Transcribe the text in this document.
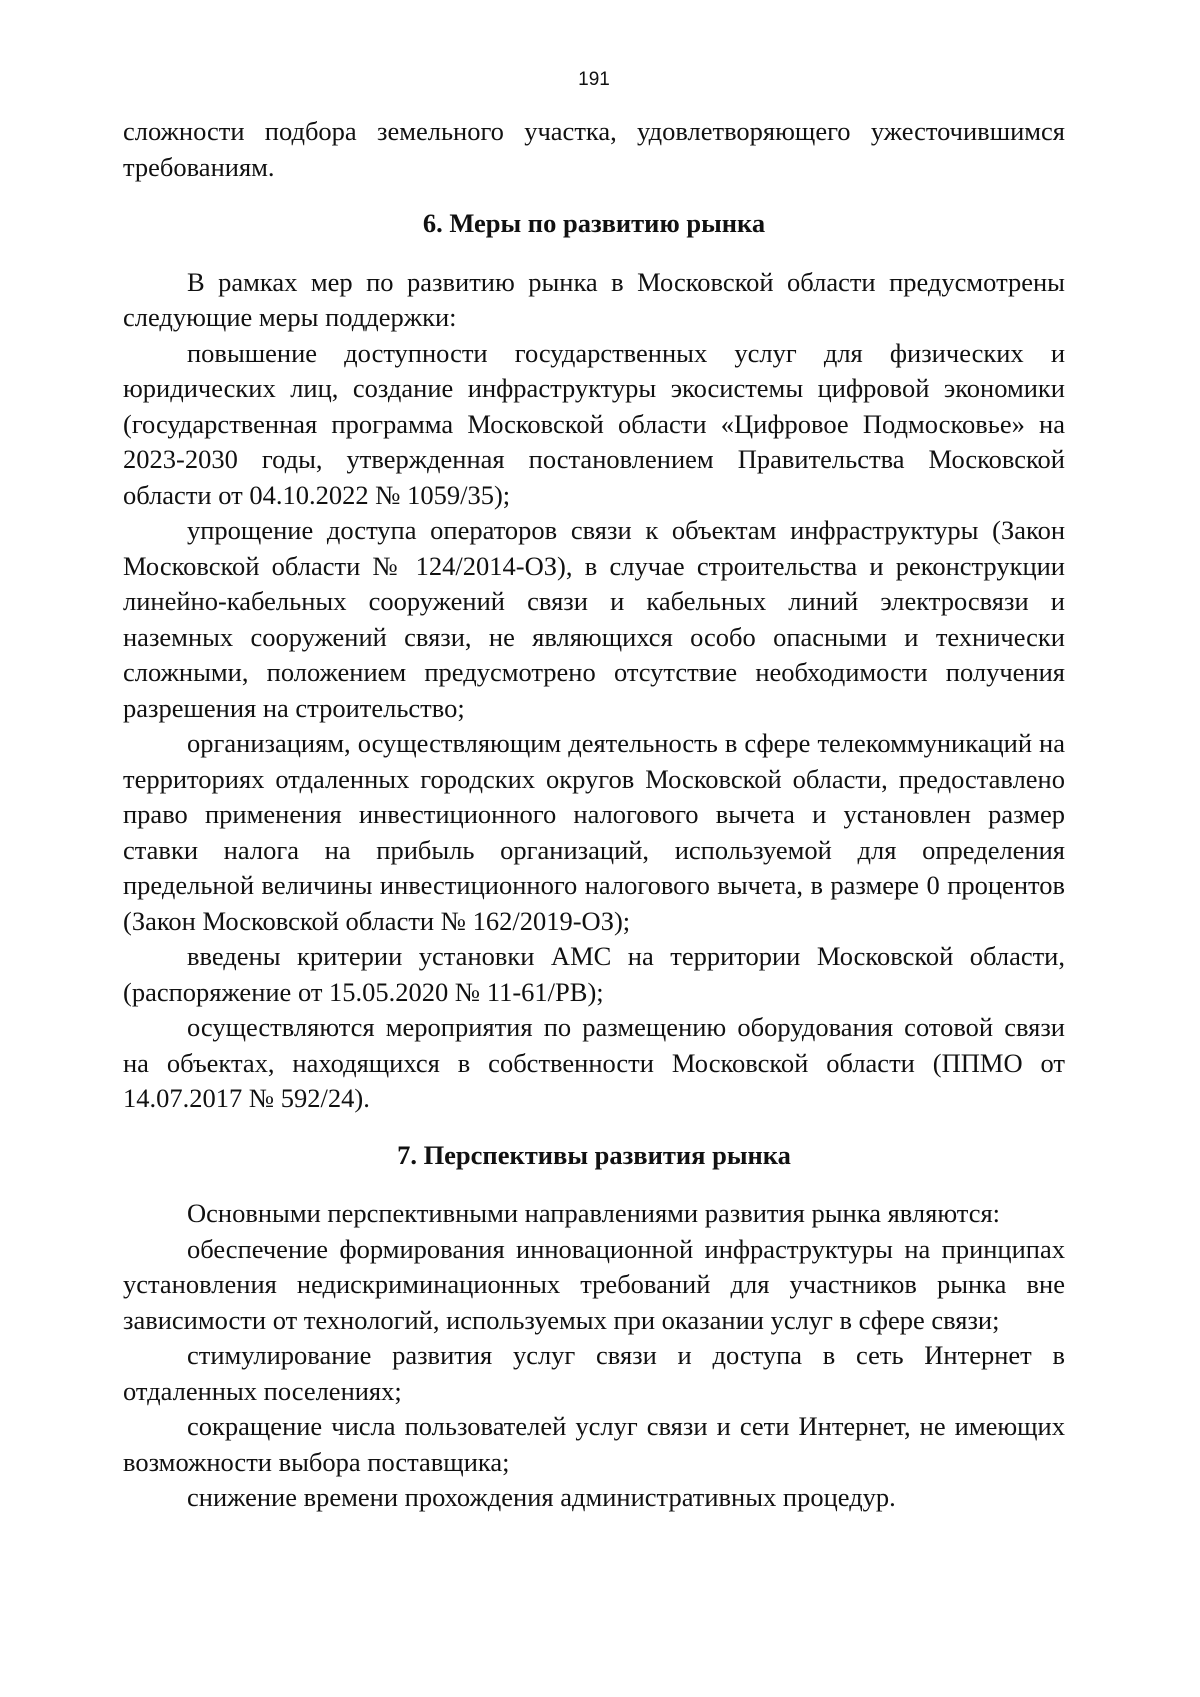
191

сложности подбора земельного участка, удовлетворяющего ужесточившимся требованиям.

6. Меры по развитию рынка

В рамках мер по развитию рынка в Московской области предусмотрены следующие меры поддержки:

повышение доступности государственных услуг для физических и юридических лиц, создание инфраструктуры экосистемы цифровой экономики (государственная программа Московской области «Цифровое Подмосковье» на 2023-2030 годы, утвержденная постановлением Правительства Московской области от 04.10.2022 № 1059/35);

упрощение доступа операторов связи к объектам инфраструктуры (Закон Московской области № 124/2014-ОЗ), в случае строительства и реконструкции линейно-кабельных сооружений связи и кабельных линий электросвязи и наземных сооружений связи, не являющихся особо опасными и технически сложными, положением предусмотрено отсутствие необходимости получения разрешения на строительство;

организациям, осуществляющим деятельность в сфере телекоммуникаций на территориях отдаленных городских округов Московской области, предоставлено право применения инвестиционного налогового вычета и установлен размер ставки налога на прибыль организаций, используемой для определения предельной величины инвестиционного налогового вычета, в размере 0 процентов (Закон Московской области № 162/2019-ОЗ);

введены критерии установки АМС на территории Московской области, (распоряжение от 15.05.2020 № 11-61/РВ);

осуществляются мероприятия по размещению оборудования сотовой связи на объектах, находящихся в собственности Московской области (ППМО от 14.07.2017 № 592/24).

7. Перспективы развития рынка

Основными перспективными направлениями развития рынка являются:

обеспечение формирования инновационной инфраструктуры на принципах установления недискриминационных требований для участников рынка вне зависимости от технологий, используемых при оказании услуг в сфере связи;

стимулирование развития услуг связи и доступа в сеть Интернет в отдаленных поселениях;

сокращение числа пользователей услуг связи и сети Интернет, не имеющих возможности выбора поставщика;

снижение времени прохождения административных процедур.
